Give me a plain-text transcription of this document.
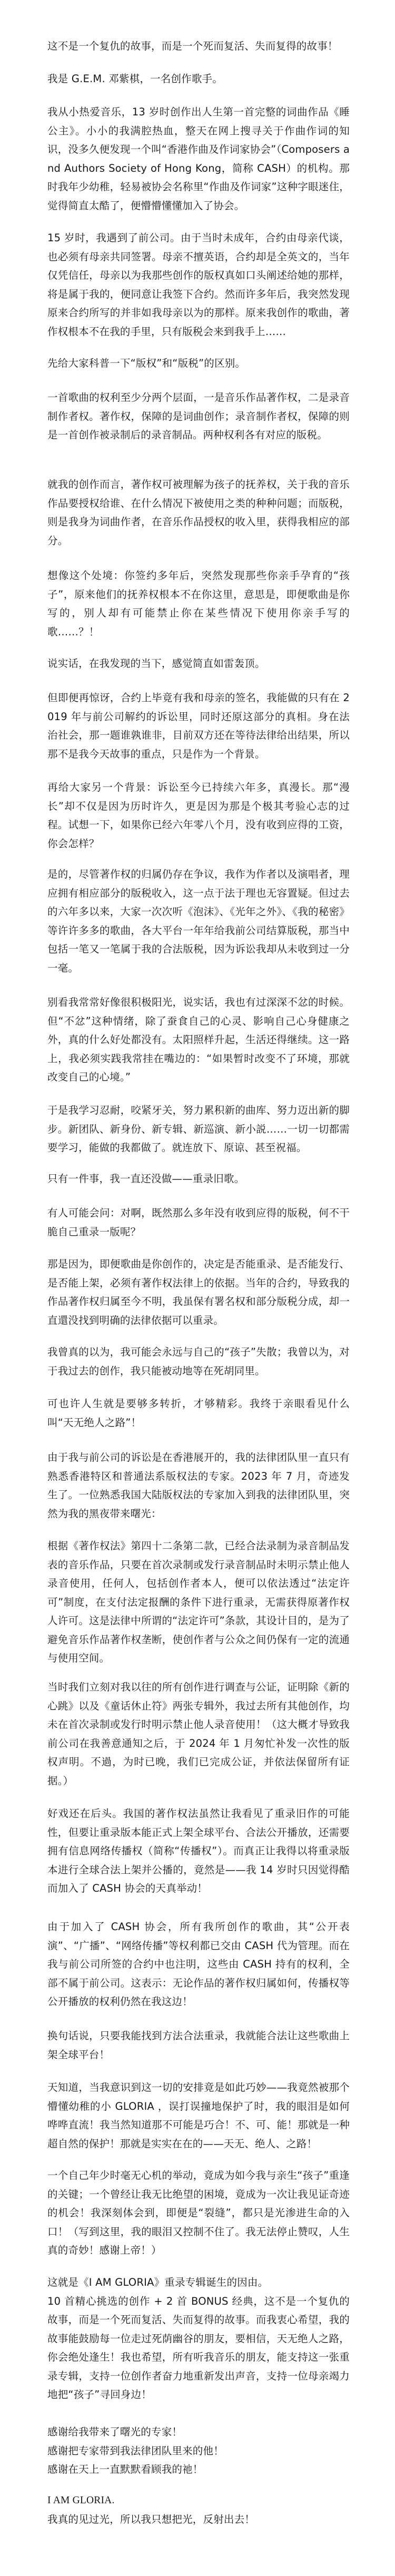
这不是一个复仇的故事，而是一个死而复活、失而复得的故事！

我是 G.E.M. 邓紫棋，一名创作歌手。

我从小热爱音乐，13 岁时创作出人生第一首完整的词曲作品《睡公主》。小小的我满腔热血，整天在网上搜寻关于作曲作词的知识，没多久便发现一个叫“香港作曲及作词家协会”（Composers and Authors Society of Hong Kong，简称 CASH）的机构。那时我年少幼稚，轻易被协会名称里“作曲及作词家”这种字眼迷住，觉得简直太酷了，便懵懵懂懂加入了协会。

15 岁时，我遇到了前公司。由于当时未成年，合约由母亲代谈，也必须有母亲共同签署。母亲不擅英语，合约却是全英文的，当年仅凭信任，母亲以为我那些创作的版权真如口头阐述给她的那样，将是属于我的，便同意让我签下合约。然而许多年后，我突然发现原来合约所写的并非如我母亲以为的那样。原来我创作的歌曲，著作权根本不在我的手里，只有版税会来到我手上……

先给大家科普一下“版权”和“版税”的区别。

一首歌曲的权利至少分两个层面，一是音乐作品著作权，二是录音制作者权。著作权，保障的是词曲创作；录音制作者权，保障的则是一首创作被录制后的录音制品。两种权利各有对应的版税。

就我的创作而言，著作权可被理解为孩子的抚养权，关于我的音乐作品要授权给谁、在什么情况下被使用之类的种种问题；而版税，则是我身为词曲作者，在音乐作品授权的收入里，获得我相应的部分。

想像这个处境：你签约多年后，突然发现那些你亲手孕育的“孩子”，原来他们的抚养权根本不在你这里，意思是，即便歌曲是你写的，别人却有可能禁止你在某些情况下使用你亲手写的歌……？！

说实话，在我发现的当下，感觉简直如雷轰顶。

但即便再惊讶，合约上毕竟有我和母亲的签名，我能做的只有在 2019 年与前公司解约的诉讼里，同时还原这部分的真相。身在法治社会，那一题谁孰谁非，目前双方还在等待法律给出结果，所以那不是我今天故事的重点，只是作为一个背景。

再给大家另一个背景：诉讼至今已持续六年多，真漫长。那“漫长”却不仅是因为历时许久，更是因为那是个极其考验心志的过程。试想一下，如果你已经六年零八个月，没有收到应得的工资，你会怎样？

是的，尽管著作权的归属仍存在争议，我作为作者以及演唱者，理应拥有相应部分的版税收入，这一点于法于理也无容置疑。但过去的六年多以来，大家一次次听《泡沫》、《光年之外》、《我的秘密》等许许多多的歌曲，各大平台一年年给我前公司结算版税，那当中包括一笔又一笔属于我的合法版税，因为诉讼我却从未收到过一分一毫。

别看我常常好像很积极阳光，说实话，我也有过深深不忿的时候。但“不忿”这种情绪，除了蚕食自己的心灵、影响自己心身健康之外，真的什么好处都没有。太阳照样升起，生活还得继续。这一路上，我必须实践我常挂在嘴边的：“如果暂时改变不了环境，那就改变自己的心境。”

于是我学习忍耐，咬紧牙关，努力累积新的曲库、努力迈出新的脚步。新团队、新身份、新专辑、新巡演、新小説……一切一切都需要学习，能做的我都做了。就连放下、原谅、甚至祝福。

只有一件事，我一直还没做——重录旧歌。

有人可能会问：对啊，既然那么多年没有收到应得的版税，何不干脆自己重录一版呢？

那是因为，即便歌曲是你创作的，决定是否能重录、是否能发行、是否能上架，必须有著作权法律上的依据。当年的合约，导致我的作品著作权归属至今不明，我虽保有署名权和部分版税分成，却一直還没找到明确的法律依据可以重录。

我曾真的以为，我可能会永远与自己的“孩子”失散；我曾以为，对于我过去的创作，我只能被动地等在死胡同里。

可也许人生就是要够多转折，才够精彩。我终于亲眼看见什么叫“天无绝人之路”！

由于我与前公司的诉讼是在香港展开的，我的法律团队里一直只有熟悉香港特区和普通法系版权法的专家。2023 年 7 月，奇迹发生了。一位熟悉我国大陆版权法的专家加入到我的法律团队里，突然为我的黑夜带来曙光：

根据《著作权法》第四十二条第二款，已经合法录制为录音制品发表的音乐作品，只要在首次录制或发行录音制品时未明示禁止他人录音使用，任何人，包括创作者本人，便可以依法透过“法定许可”制度，在支付法定报酬的条件下进行重录，无需获得原著作权人许可。这是法律中所谓的“法定许可”条款，其设计目的，是为了避免音乐作品著作权垄断，使创作者与公众之间仍保有一定的流通与使用空间。

当时我们立刻对我以往的所有创作进行调查与公证，证明除《新的心跳》以及《童话休止符》两张专辑外，我过去所有其他创作，均未在首次录制或发行时明示禁止他人录音使用！（这大概才导致我前公司在我善意通知之后，于 2024 年 1 月匆忙补发一次性的版权声明。不過，为时已晚，我们已完成公证，并依法保留所有证据。）

好戏还在后头。我国的著作权法虽然让我看见了重录旧作的可能性，但要让重录版本能正式上架全球平台、合法公开播放，还需要拥有信息网络传播权（简称“传播权”）。而真正让我得以将重录版本进行全球合法上架并公播的，竟然是——我 14 岁时只因觉得酷而加入了 CASH 协会的天真举动！

由于加入了 CASH 协会，所有我所创作的歌曲，其“公开表演”、“广播”、“网络传播”等权利都已交由 CASH 代为管理。而在我与前公司所签的合约中也注明，这些由 CASH 持有的权利，全部不属于前公司。这表示：无论作品的著作权归属如何，传播权等公开播放的权利仍然在我这边！

换句话说，只要我能找到方法合法重录，我就能合法让这些歌曲上架全球平台！

天知道，当我意识到这一切的安排竟是如此巧妙——我竟然被那个懵懂幼稚的小 GLORIA ，误打误撞地保护了时，我的眼泪是如何哗哗直流！我当然知道那不可能是巧合！不、可、能！那就是一种超自然的保护！那就是实实在在的——天无、绝人、之路！

一个自己年少时毫无心机的举动，竟成为如今我与亲生“孩子”重逢的关键；一个曾经让我无比绝望的困境，竟成为一次让我见证奇迹的机会！我深刻体会到，即便是“裂缝”，都只是光渗进生命的入口！（写到这里，我的眼泪又控制不住了。我无法停止赞叹，人生真的奇妙！感谢上帝！）

这就是《I AM GLORIA》重录专辑诞生的因由。
10 首精心挑选的创作 + 2 首 BONUS 经典，这不是一个复仇的故事，而是一个死而复活、失而复得的故事。而我衷心希望，我的故事能鼓励每一位走过死荫幽谷的朋友，要相信，天无绝人之路，你会绝处逢生！我也希望，所有听我音乐的朋友，能支持这一张重录专辑，支持一位创作者奋力地重新发出声音，支持一位母亲竭力地把“孩子”寻回身边！
感谢给我带来了曙光的专家！
感谢把专家带到我法律团队里来的他！
感谢在天上一直默默看顾我的祂！
I AM GLORIA.
我真的见过光，所以我只想把光，反射出去！
